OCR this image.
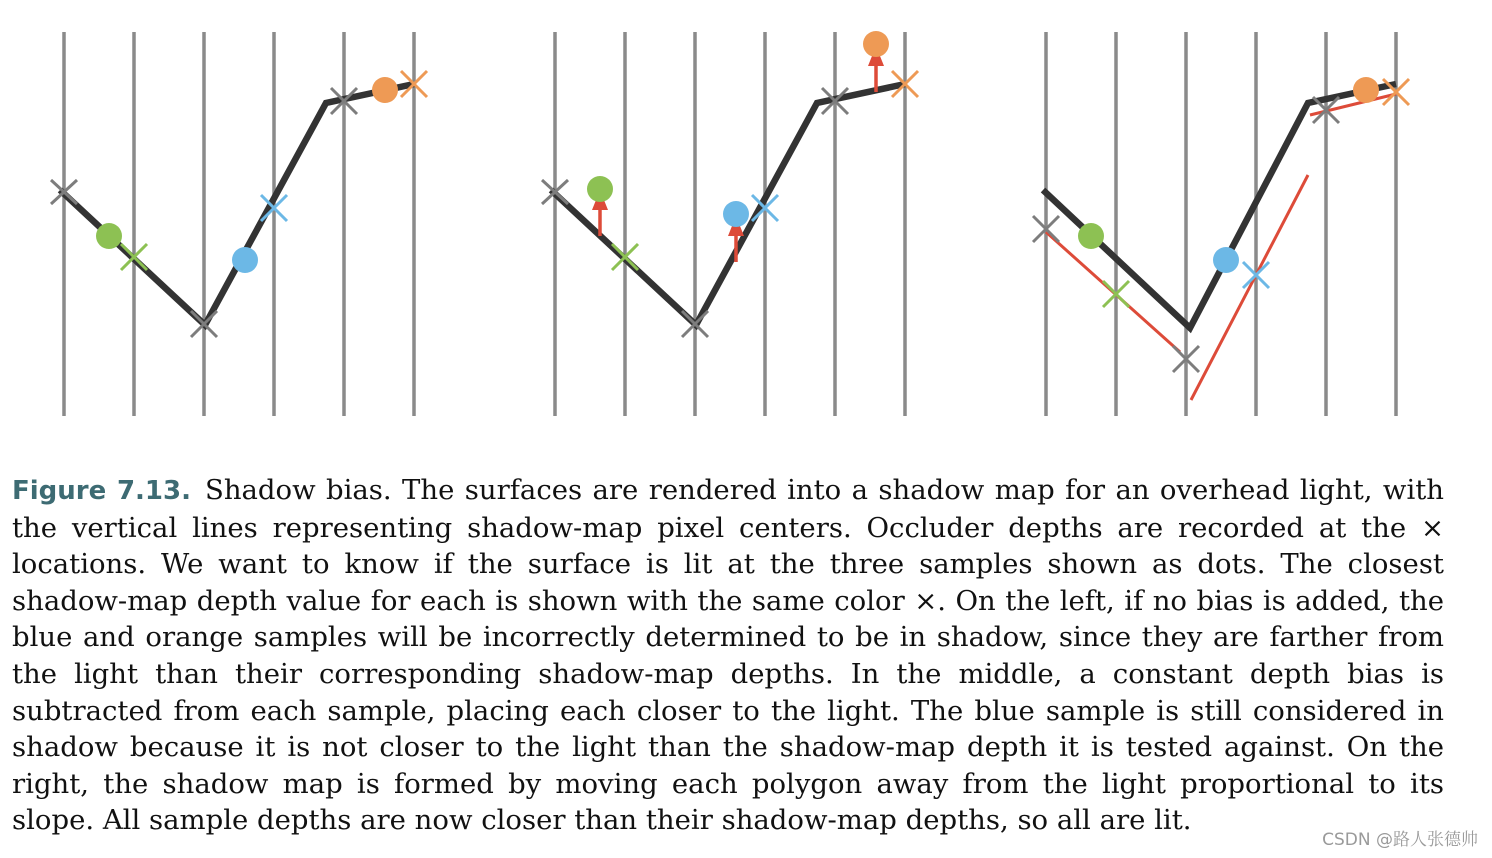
Figure 7.13. Shadow bias. The surfaces are rendered into a shadow map for an overhead light, with the vertical lines representing shadow-map pixel centers. Occluder depths are recorded at the × locations. We want to know if the surface is lit at the three samples shown as dots. The closest shadow-map depth value for each is shown with the same color ×. On the left, if no bias is added, the blue and orange samples will be incorrectly determined to be in shadow, since they are farther from the light than their corresponding shadow-map depths. In the middle, a constant depth bias is subtracted from each sample, placing each closer to the light. The blue sample is still considered in shadow because it is not closer to the light than the shadow-map depth it is tested against. On the right, the shadow map is formed by moving each polygon away from the light proportional to its slope. All sample depths are now closer than their shadow-map depths, so all are lit.
CSDN @路人张德帅
